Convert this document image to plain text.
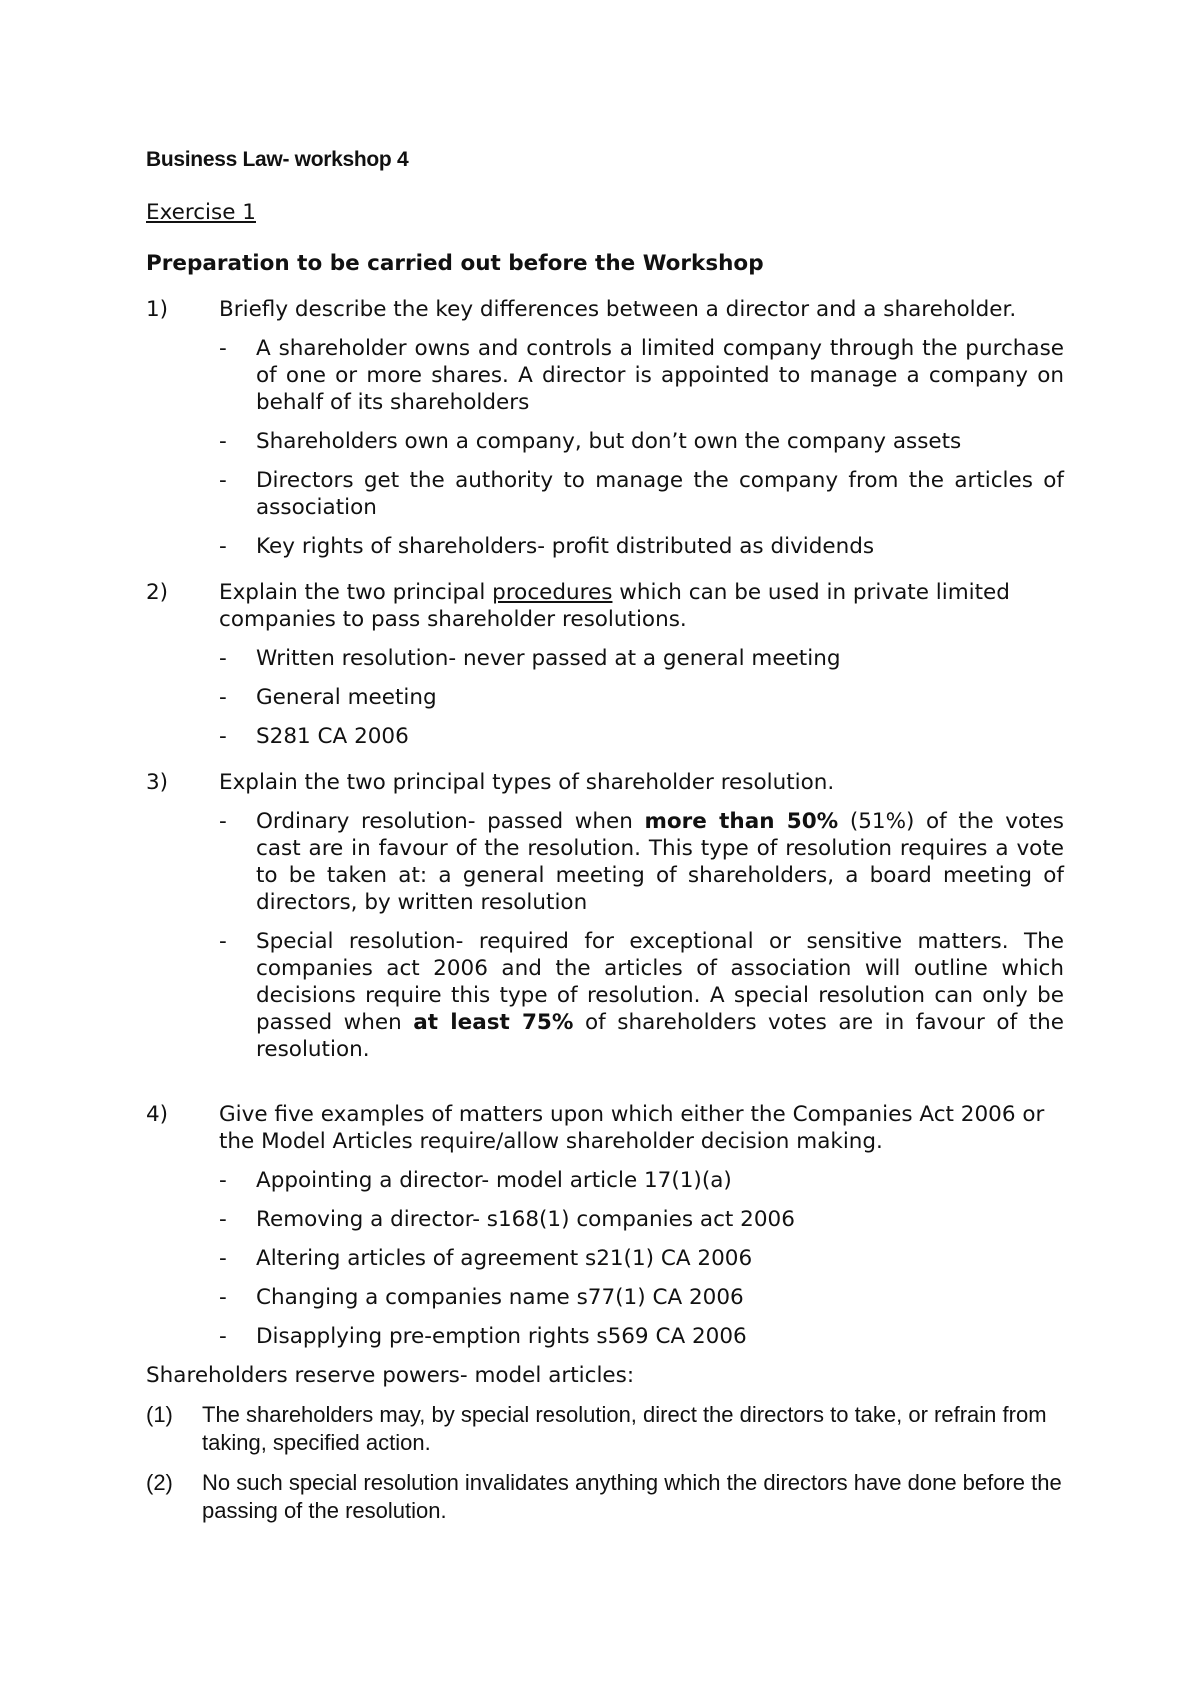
Business Law- workshop 4
Exercise 1
Preparation to be carried out before the Workshop
1) Briefly describe the key differences between a director and a shareholder.
- A shareholder owns and controls a limited company through the purchase of one or more shares. A director is appointed to manage a company on behalf of its shareholders
- Shareholders own a company, but don’t own the company assets
- Directors get the authority to manage the company from the articles of association
- Key rights of shareholders- profit distributed as dividends
2) Explain the two principal procedures which can be used in private limited companies to pass shareholder resolutions.
- Written resolution- never passed at a general meeting
- General meeting
- S281 CA 2006
3) Explain the two principal types of shareholder resolution.
- Ordinary resolution- passed when more than 50% (51%) of the votes cast are in favour of the resolution. This type of resolution requires a vote to be taken at: a general meeting of shareholders, a board meeting of directors, by written resolution
- Special resolution- required for exceptional or sensitive matters. The companies act 2006 and the articles of association will outline which decisions require this type of resolution. A special resolution can only be passed when at least 75% of shareholders votes are in favour of the resolution.
4) Give five examples of matters upon which either the Companies Act 2006 or the Model Articles require/allow shareholder decision making.
- Appointing a director- model article 17(1)(a)
- Removing a director- s168(1) companies act 2006
- Altering articles of agreement s21(1) CA 2006
- Changing a companies name s77(1) CA 2006
- Disapplying pre-emption rights s569 CA 2006
Shareholders reserve powers- model articles:
(1) The shareholders may, by special resolution, direct the directors to take, or refrain from taking, specified action.
(2) No such special resolution invalidates anything which the directors have done before the passing of the resolution.
